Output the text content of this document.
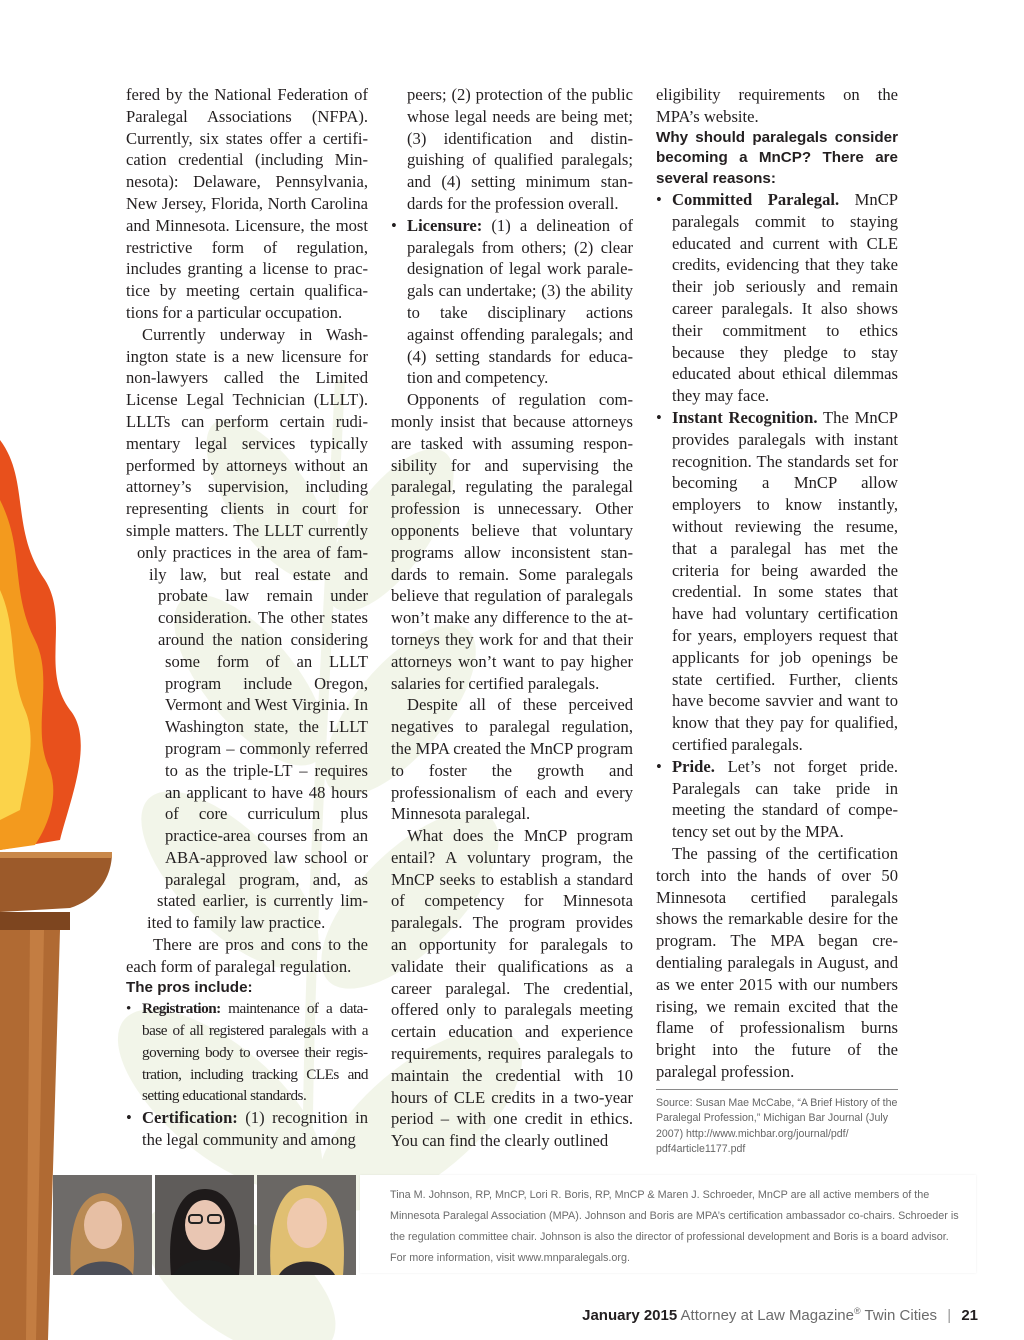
fered by the National Federation of Paralegal Associations (NFPA). Currently, six states offer a certification credential (including Minnesota): Delaware, Pennsylvania, New Jersey, Florida, North Carolina and Minnesota. Licensure, the most restrictive form of regulation, includes granting a license to practice by meeting certain qualifications for a particular occupation.

Currently underway in Washington state is a new licensure for non-lawyers called the Limited License Legal Technician (LLLT). LLLTs can perform certain rudimentary legal services typically performed by attorneys without an attorney’s supervision, including representing clients in court for simple matters. The LLLT currently only practices in the area of family law, but real estate and probate law remain under consideration. The other states around the nation considering some form of an LLLT program include Oregon, Vermont and West Virginia. In Washington state, the LLLT program – commonly referred to as the triple-LT – requires an applicant to have 48 hours of core curriculum plus practice-area courses from an ABA-approved law school or paralegal program, and, as stated earlier, is currently limited to family law practice.

There are pros and cons to the each form of paralegal regulation.

The pros include:
• Registration: maintenance of a database of all registered paralegals with a governing body to oversee their registration, including tracking CLEs and setting educational standards.
• Certification: (1) recognition in the legal community and among

peers; (2) protection of the public whose legal needs are being met; (3) identification and distinguishing of qualified paralegals; and (4) setting minimum standards for the profession overall.

• Licensure: (1) a delineation of paralegals from others; (2) clear designation of legal work paralegals can undertake; (3) the ability to take disciplinary actions against offending paralegals; and (4) setting standards for education and competency.

Opponents of regulation commonly insist that because attorneys are tasked with assuming responsibility for and supervising the paralegal, regulating the paralegal profession is unnecessary. Other opponents believe that voluntary programs allow inconsistent standards to remain. Some paralegals believe that regulation of paralegals won’t make any difference to the attorneys they work for and that their attorneys won’t want to pay higher salaries for certified paralegals.

Despite all of these perceived negatives to paralegal regulation, the MPA created the MnCP program to foster the growth and professionalism of each and every Minnesota paralegal.

What does the MnCP program entail? A voluntary program, the MnCP seeks to establish a standard of competency for Minnesota paralegals. The program provides an opportunity for paralegals to validate their qualifications as a career paralegal. The credential, offered only to paralegals meeting certain education and experience requirements, requires paralegals to maintain the credential with 10 hours of CLE credits in a two-year period – with one credit in ethics. You can find the clearly outlined

eligibility requirements on the MPA’s website.

Why should paralegals consider becoming a MnCP? There are several reasons:
• Committed Paralegal. MnCP paralegals commit to staying educated and current with CLE credits, evidencing that they take their job seriously and remain career paralegals. It also shows their commitment to ethics because they pledge to stay educated about ethical dilemmas they may face.
• Instant Recognition. The MnCP provides paralegals with instant recognition. The standards set for becoming a MnCP allow employers to know instantly, without reviewing the resume, that a paralegal has met the criteria for being awarded the credential. In some states that have had voluntary certification for years, employers request that applicants for job openings be state certified. Further, clients have become savvier and want to know that they pay for qualified, certified paralegals.
• Pride. Let’s not forget pride. Paralegals can take pride in meeting the standard of competency set out by the MPA.

The passing of the certification torch into the hands of over 50 Minnesota certified paralegals shows the remarkable desire for the program. The MPA began credentialing paralegals in August, and as we enter 2015 with our numbers rising, we remain excited that the flame of professionalism burns bright into the future of the paralegal profession.

Source: Susan Mae McCabe, “A Brief History of the Paralegal Profession,” Michigan Bar Journal (July 2007) http://www.michbar.org/journal/pdf/ pdf4article1177.pdf
Tina M. Johnson, RP, MnCP, Lori R. Boris, RP, MnCP & Maren J. Schroeder, MnCP are all active members of the Minnesota Paralegal Association (MPA). Johnson and Boris are MPA’s certification ambassador co-chairs. Schroeder is the regulation committee chair. Johnson is also the director of professional development and Boris is a board advisor. For more information, visit www.mnparalegals.org.
January 2015 Attorney at Law Magazine® Twin Cities | 21
